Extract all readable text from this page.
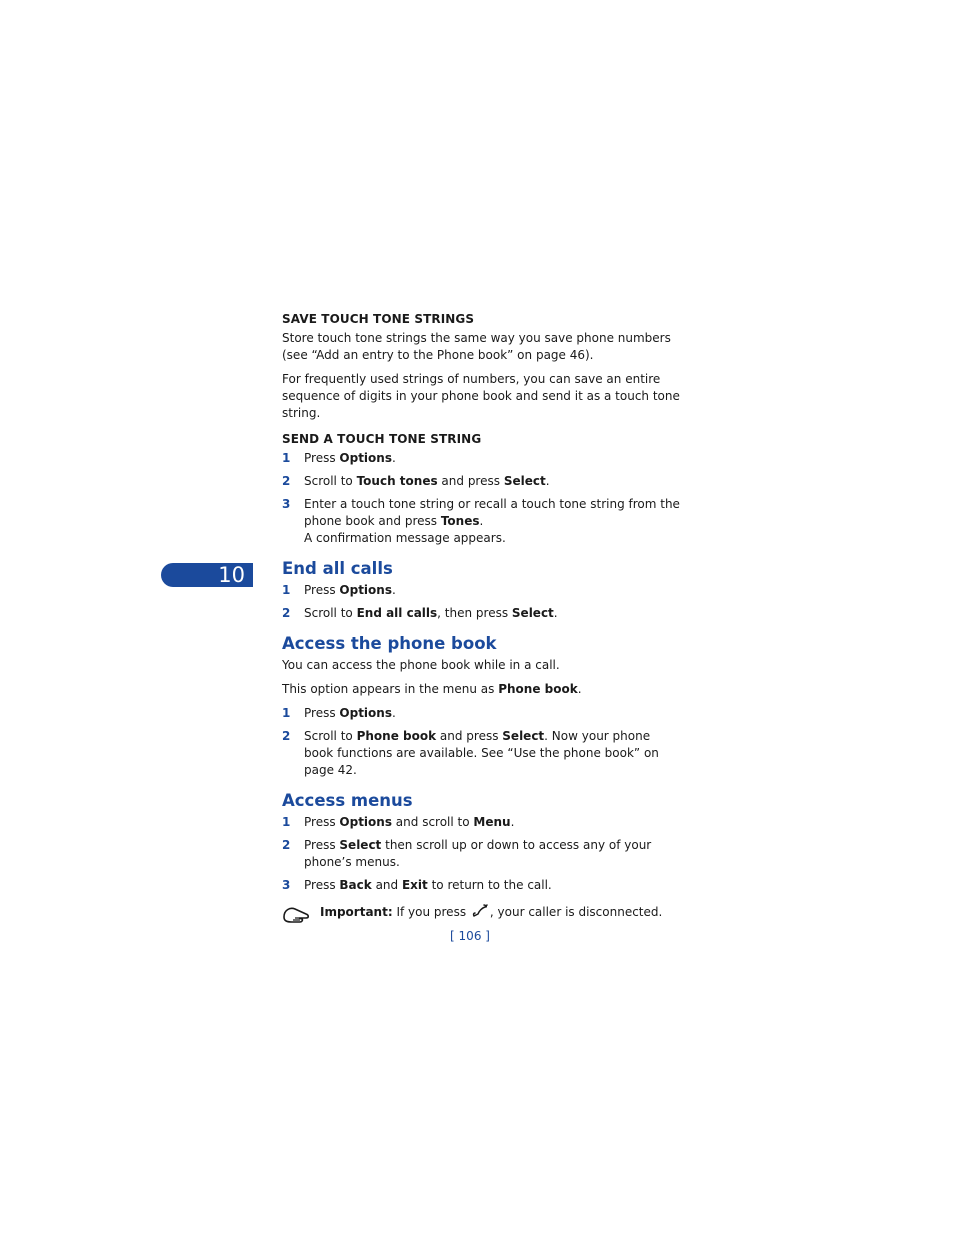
10
SAVE TOUCH TONE STRINGS

Store touch tone strings the same way you save phone numbers (see “Add an entry to the Phone book” on page 46).

For frequently used strings of numbers, you can save an entire sequence of digits in your phone book and send it as a touch tone string.

SEND A TOUCH TONE STRING
1 Press Options.
2 Scroll to Touch tones and press Select.
3 Enter a touch tone string or recall a touch tone string from the phone book and press Tones.
A confirmation message appears.
End all calls
1 Press Options.
2 Scroll to End all calls, then press Select.
Access the phone book

You can access the phone book while in a call.

This option appears in the menu as Phone book.

1 Press Options.
2 Scroll to Phone book and press Select. Now your phone book functions are available. See “Use the phone book” on page 42.
Access menus
1 Press Options and scroll to Menu.
2 Press Select then scroll up or down to access any of your phone’s menus.
3 Press Back and Exit to return to the call.
Important: If you press , your caller is disconnected.
[ 106 ]
